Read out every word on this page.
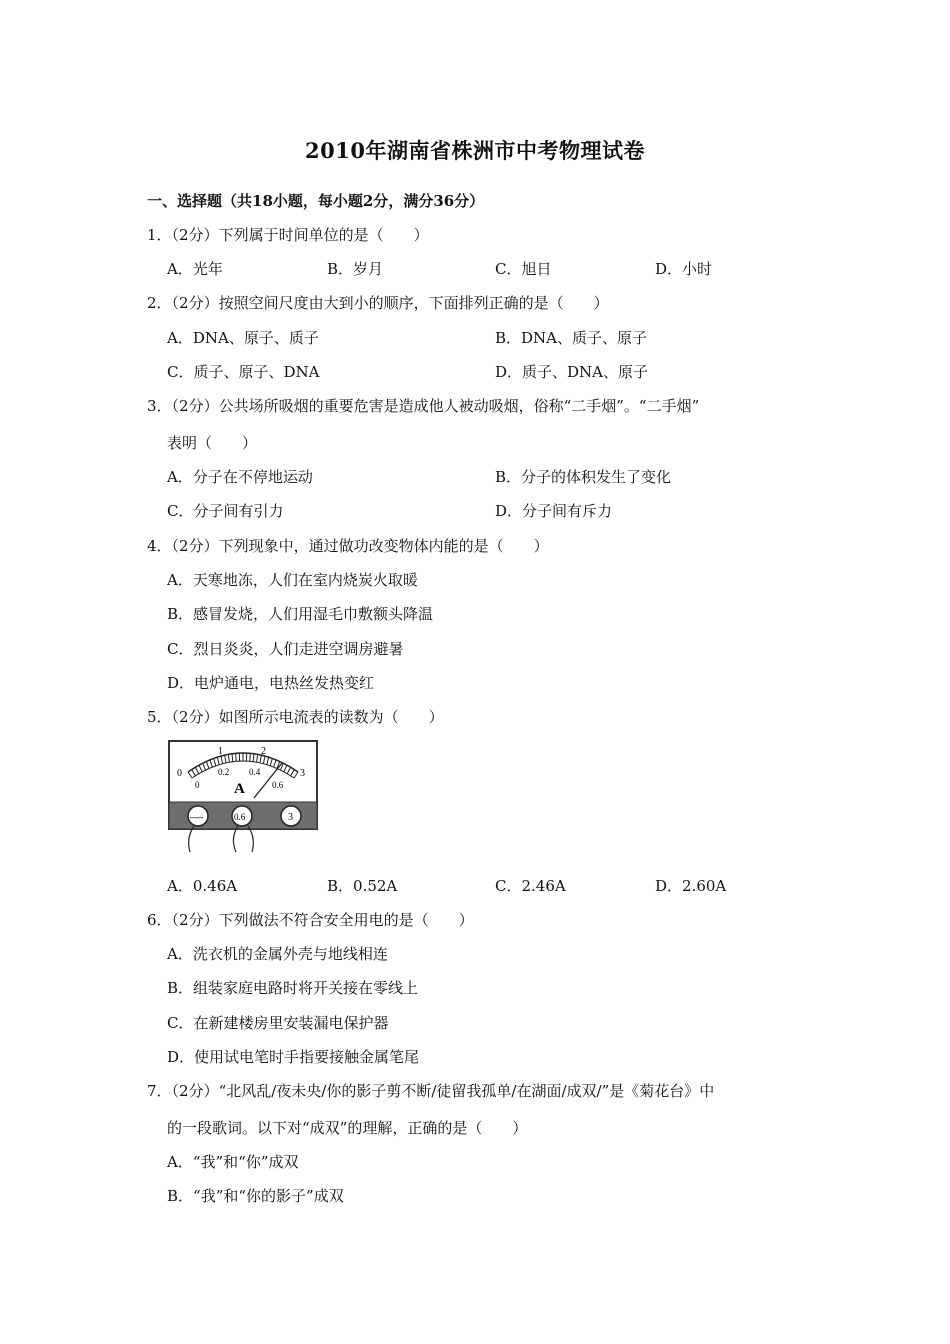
2010年湖南省株洲市中考物理试卷
一、选择题（共18小题，每小题2分，满分36分）
1．（2分）下列属于时间单位的是（　　）
A．光年	B．岁月	C．旭日	D．小时
2．（2分）按照空间尺度由大到小的顺序，下面排列正确的是（　　）
A．DNA、原子、质子	B．DNA、质子、原子
C．质子、原子、DNA	D．质子、DNA、原子
3．（2分）公共场所吸烟的重要危害是造成他人被动吸烟，俗称“二手烟”。“二手烟”
表明（　　）
A．分子在不停地运动	B．分子的体积发生了变化
C．分子间有引力	D．分子间有斥力
4．（2分）下列现象中，通过做功改变物体内能的是（　　）
A．天寒地冻，人们在室内烧炭火取暖
B．感冒发烧，人们用湿毛巾敷额头降温
C．烈日炎炎，人们走进空调房避暑
D．电炉通电，电热丝发热变红
5．（2分）如图所示电流表的读数为（　　）
1	2
0
0
3
0.2 0.4
0.6
A
—	0.6	3
A．0.46A	B．0.52A	C．2.46A	D．2.60A
6．（2分）下列做法不符合安全用电的是（　　）
A．洗衣机的金属外壳与地线相连
B．组装家庭电路时将开关接在零线上
C．在新建楼房里安装漏电保护器
D．使用试电笔时手指要接触金属笔尾
7．（2分）“北风乱/夜未央/你的影子剪不断/徒留我孤单/在湖面/成双/”是《菊花台》中
的一段歌词。以下对“成双”的理解，正确的是（　　）
A．“我”和“你”成双
B．“我”和“你的影子”成双
